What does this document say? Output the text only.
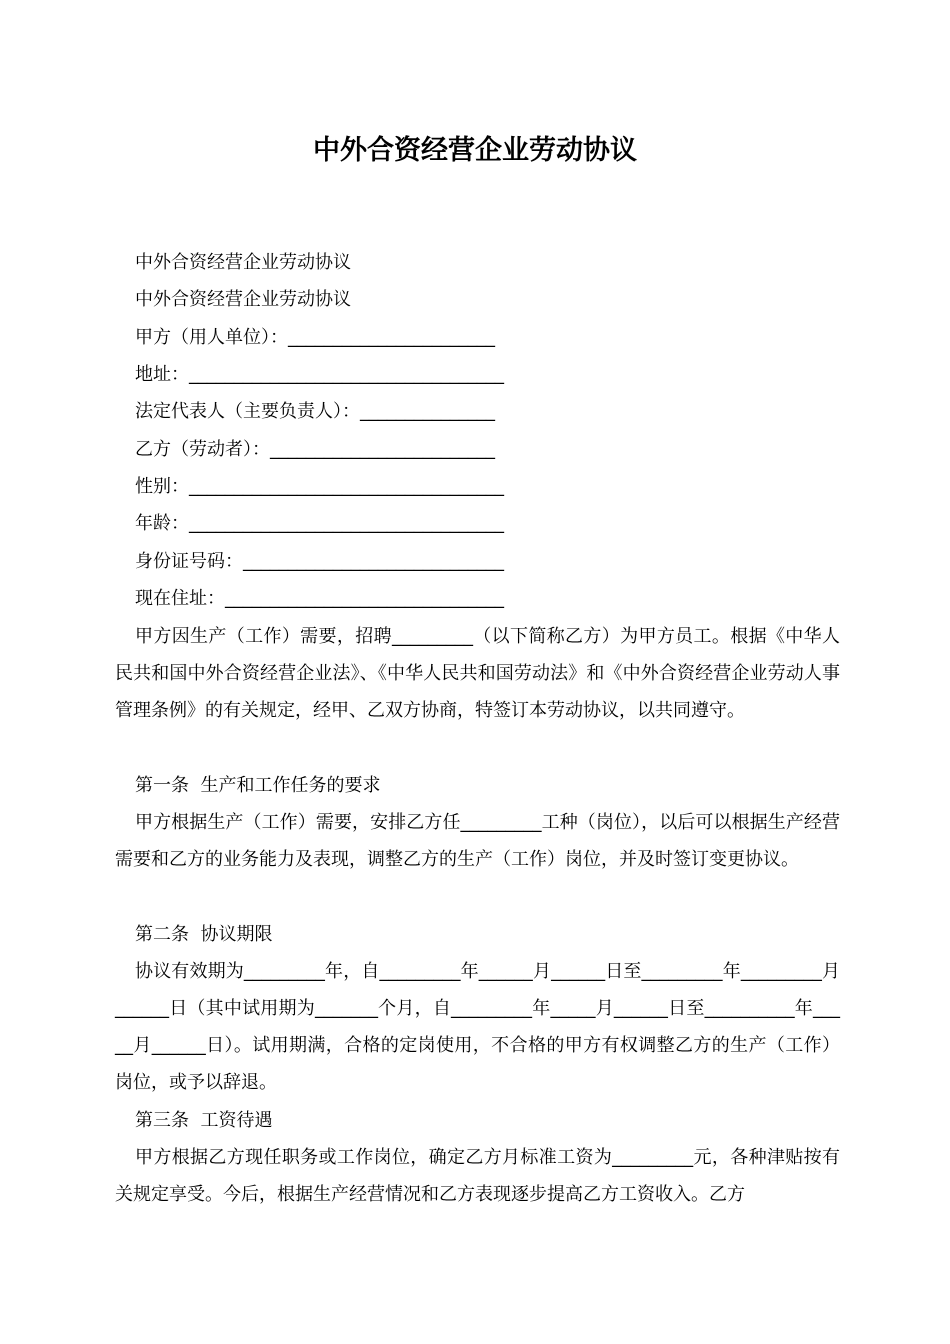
中外合资经营企业劳动协议
中外合资经营企业劳动协议
中外合资经营企业劳动协议
甲方（用人单位）：_______________________
地址：___________________________________
法定代表人（主要负责人）：_______________
乙方（劳动者）：_________________________
性别：___________________________________
年龄：___________________________________
身份证号码：_____________________________
现在住址：_______________________________
甲方因生产（工作）需要，招聘_________（以下简称乙方）为甲方员工。根据《中华人民共和国中外合资经营企业法》、《中华人民共和国劳动法》和《中外合资经营企业劳动人事管理条例》的有关规定，经甲、乙双方协商，特签订本劳动协议，以共同遵守。
第一条  生产和工作任务的要求
甲方根据生产（工作）需要，安排乙方任_________工种（岗位），以后可以根据生产经营需要和乙方的业务能力及表现，调整乙方的生产（工作）岗位，并及时签订变更协议。
第二条  协议期限
协议有效期为_________年，自_________年______月______日至_________年_________月______日（其中试用期为_______个月，自_________年_____月______日至__________年_____月______日）。试用期满，合格的定岗使用，不合格的甲方有权调整乙方的生产（工作）岗位，或予以辞退。
第三条  工资待遇
甲方根据乙方现任职务或工作岗位，确定乙方月标准工资为_________元，各种津贴按有关规定享受。今后，根据生产经营情况和乙方表现逐步提高乙方工资收入。乙方
